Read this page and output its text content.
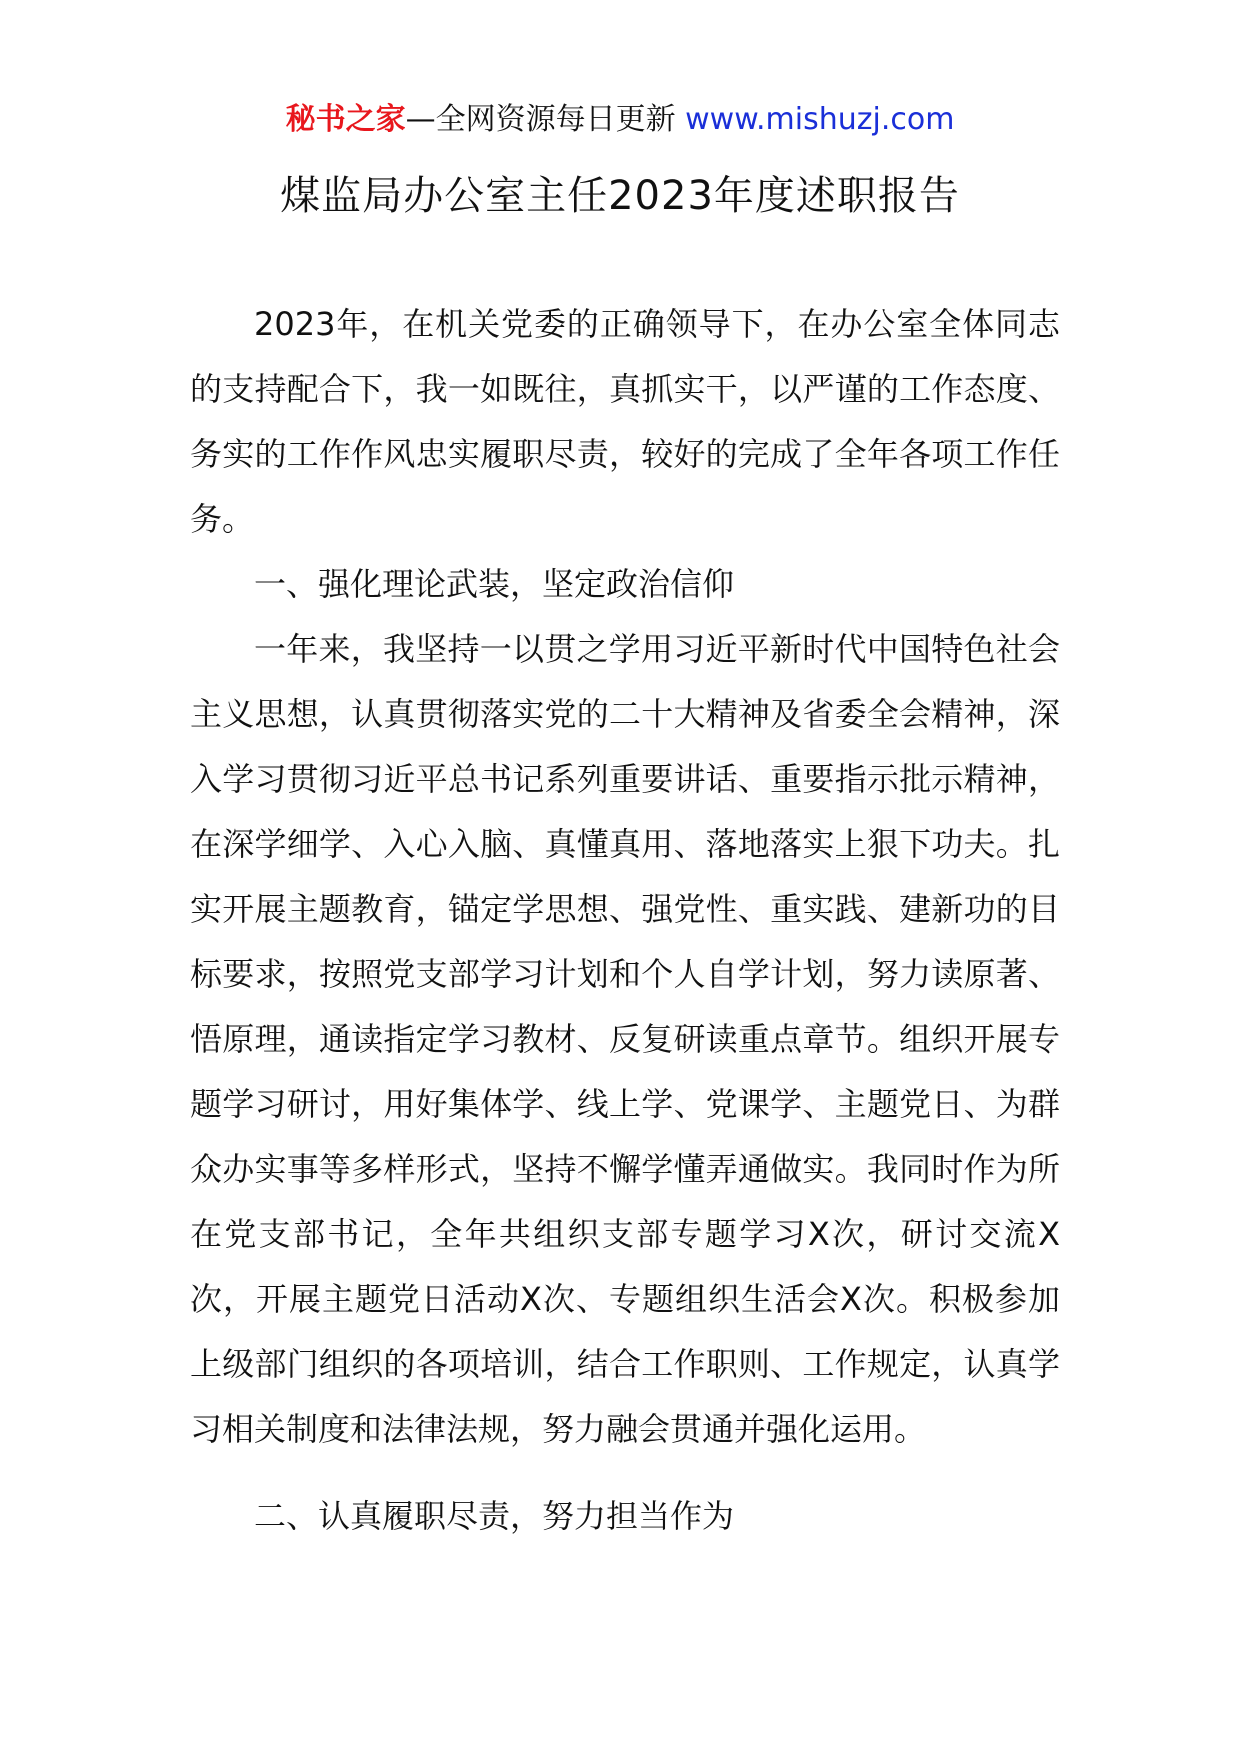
秘书之家—全网资源每日更新 www.mishuzj.com
煤监局办公室主任2023年度述职报告

2023年，在机关党委的正确领导下，在办公室全体同志的支持配合下，我一如既往，真抓实干，以严谨的工作态度、务实的工作作风忠实履职尽责，较好的完成了全年各项工作任务。

一、强化理论武装，坚定政治信仰

一年来，我坚持一以贯之学用习近平新时代中国特色社会主义思想，认真贯彻落实党的二十大精神及省委全会精神，深入学习贯彻习近平总书记系列重要讲话、重要指示批示精神，在深学细学、入心入脑、真懂真用、落地落实上狠下功夫。扎实开展主题教育，锚定学思想、强党性、重实践、建新功的目标要求，按照党支部学习计划和个人自学计划，努力读原著、悟原理，通读指定学习教材、反复研读重点章节。组织开展专题学习研讨，用好集体学、线上学、党课学、主题党日、为群众办实事等多样形式，坚持不懈学懂弄通做实。我同时作为所在党支部书记，全年共组织支部专题学习X次，研讨交流X次，开展主题党日活动X次、专题组织生活会X次。积极参加上级部门组织的各项培训，结合工作职则、工作规定，认真学习相关制度和法律法规，努力融会贯通并强化运用。

二、认真履职尽责，努力担当作为
